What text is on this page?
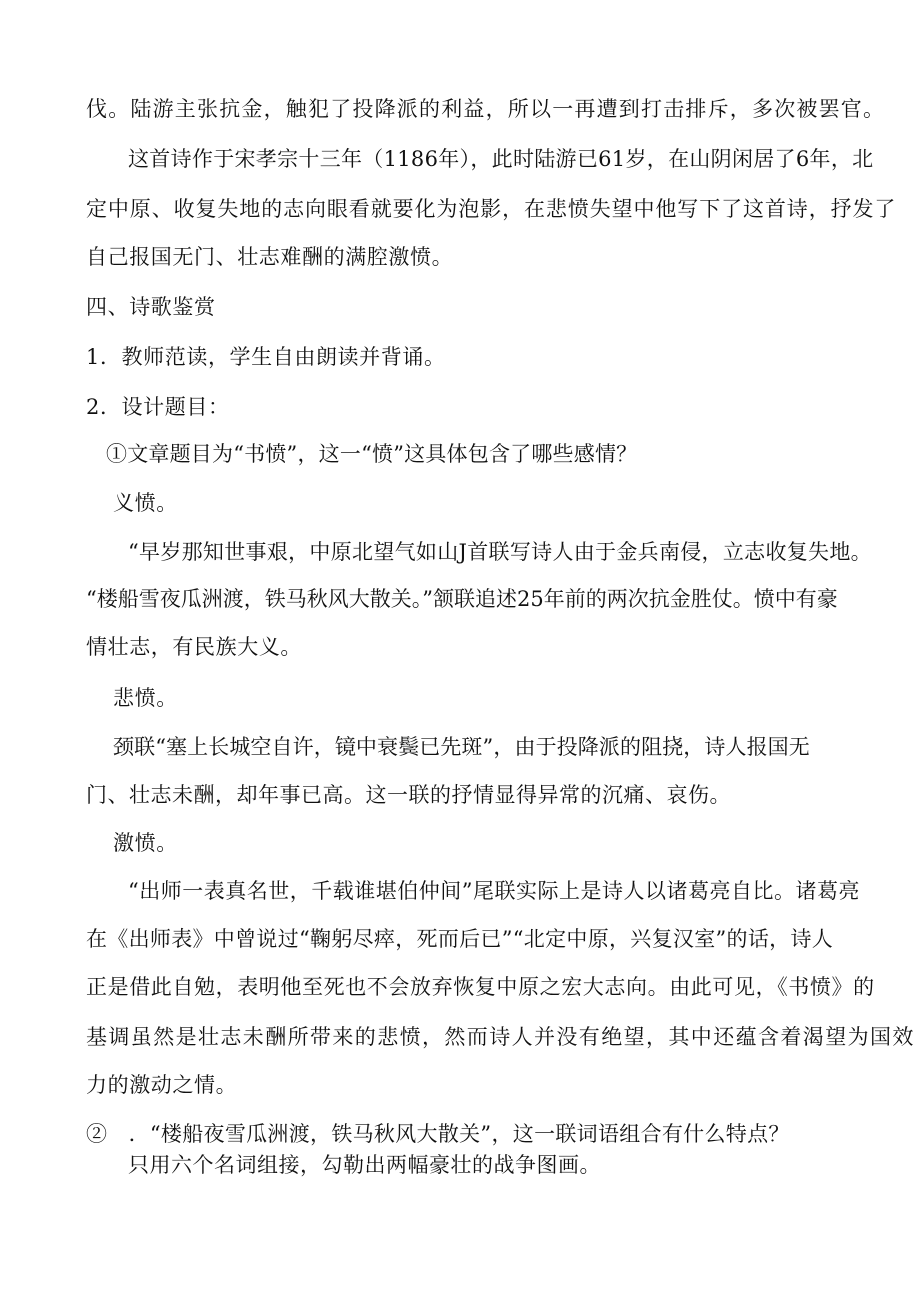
伐。陆游主张抗金，触犯了投降派的利益，所以一再遭到打击排斥，多次被罢官。
这首诗作于宋孝宗十三年（1186年），此时陆游已61岁，在山阴闲居了6年，北
定中原、收复失地的志向眼看就要化为泡影，在悲愤失望中他写下了这首诗，抒发了
自己报国无门、壮志难酬的满腔激愤。
四、诗歌鉴赏
1．教师范读，学生自由朗读并背诵。
2．设计题目：
①文章题目为“书愤”，这一“愤”这具体包含了哪些感情？
义愤。
“早岁那知世事艰，中原北望气如山J首联写诗人由于金兵南侵，立志收复失地。
“楼船雪夜瓜洲渡，铁马秋风大散关。”颔联追述25年前的两次抗金胜仗。愤中有豪
情壮志，有民族大义。
悲愤。
颈联“塞上长城空自许，镜中衰鬓已先斑”，由于投降派的阻挠，诗人报国无
门、壮志未酬，却年事已高。这一联的抒情显得异常的沉痛、哀伤。
激愤。
“出师一表真名世，千载谁堪伯仲间”尾联实际上是诗人以诸葛亮自比。诸葛亮
在《出师表》中曾说过“鞠躬尽瘁，死而后已”“北定中原，兴复汉室”的话，诗人
正是借此自勉，表明他至死也不会放弃恢复中原之宏大志向。由此可见，《书愤》的
基调虽然是壮志未酬所带来的悲愤，然而诗人并没有绝望，其中还蕴含着渴望为国效
力的激动之情。
②　．“楼船夜雪瓜洲渡，铁马秋风大散关”，这一联词语组合有什么特点？
只用六个名词组接，勾勒出两幅豪壮的战争图画。
